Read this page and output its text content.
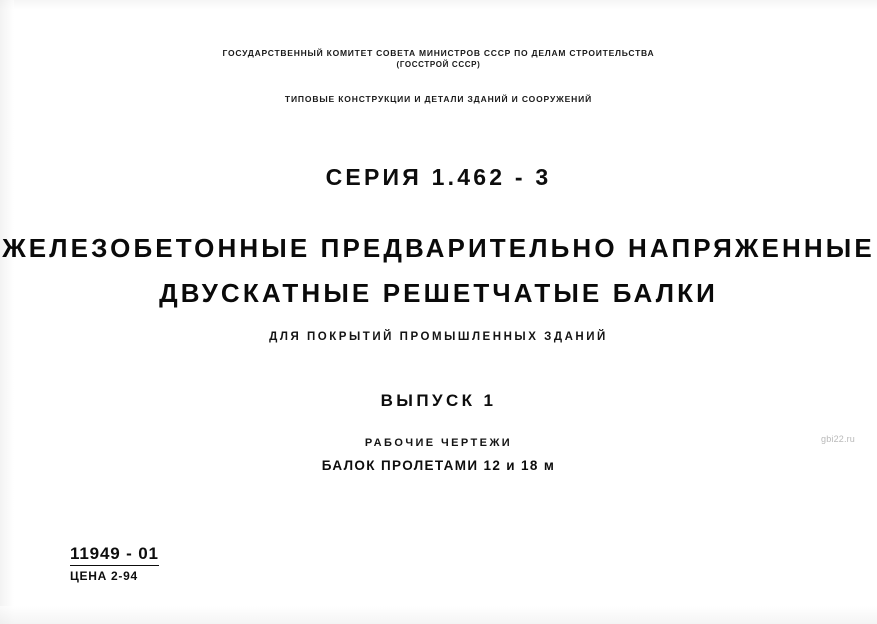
ГОСУДАРСТВЕННЫЙ КОМИТЕТ СОВЕТА МИНИСТРОВ СССР ПО ДЕЛАМ СТРОИТЕЛЬСТВА
(ГОССТРОЙ СССР)
ТИПОВЫЕ КОНСТРУКЦИИ И ДЕТАЛИ ЗДАНИЙ И СООРУЖЕНИЙ
СЕРИЯ 1.462 - 3
ЖЕЛЕЗОБЕТОННЫЕ ПРЕДВАРИТЕЛЬНО НАПРЯЖЕННЫЕ
ДВУСКАТНЫЕ РЕШЕТЧАТЫЕ БАЛКИ
ДЛЯ ПОКРЫТИЙ ПРОМЫШЛЕННЫХ ЗДАНИЙ
ВЫПУСК 1
РАБОЧИЕ ЧЕРТЕЖИ
БАЛОК ПРОЛЕТАМИ 12 и 18 м
11949 - 01
ЦЕНА 2-94
gbi22.ru
